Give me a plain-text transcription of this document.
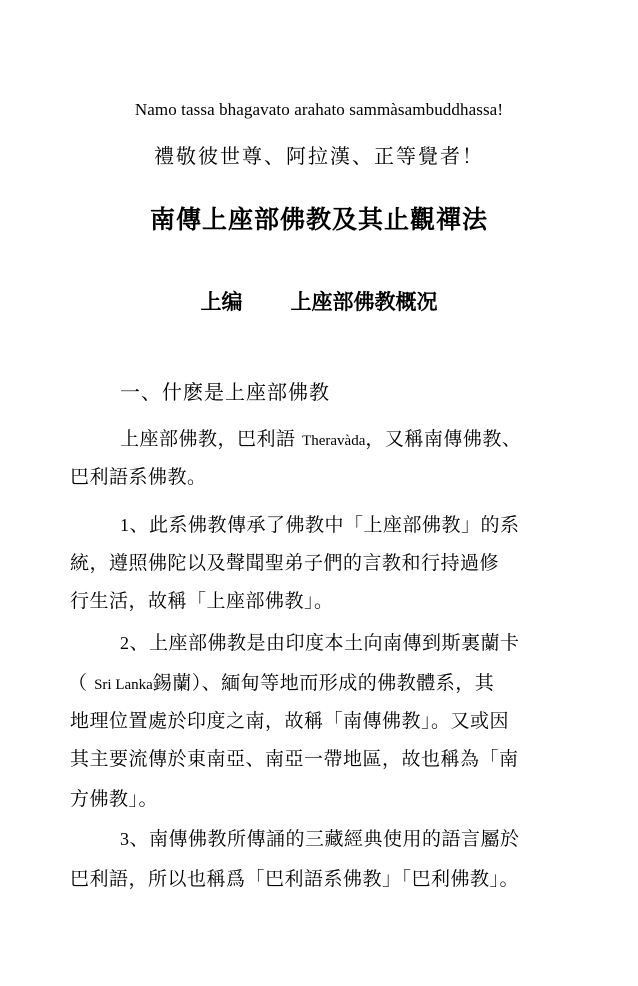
Namo tassa bhagavato arahato sammàsambuddhassa!
禮敬彼世尊、阿拉漢、正等覺者！
南傳上座部佛教及其止觀禪法
上编 上座部佛教概况
一、什麽是上座部佛教
上座部佛教，巴利語 Theravàda，又稱南傳佛教、
巴利語系佛教。
1、此系佛教傳承了佛教中「上座部佛教」的系
統，遵照佛陀以及聲聞聖弟子們的言教和行持過修
行生活，故稱「上座部佛教」。
2、上座部佛教是由印度本土向南傳到斯裏蘭卡
（ Sri Lanka錫蘭）、緬甸等地而形成的佛教體系，其
地理位置處於印度之南，故稱「南傳佛教」。又或因
其主要流傳於東南亞、南亞一帶地區，故也稱為「南
方佛教」。
3、南傳佛教所傳誦的三藏經典使用的語言屬於
巴利語，所以也稱爲「巴利語系佛教」「巴利佛教」。
